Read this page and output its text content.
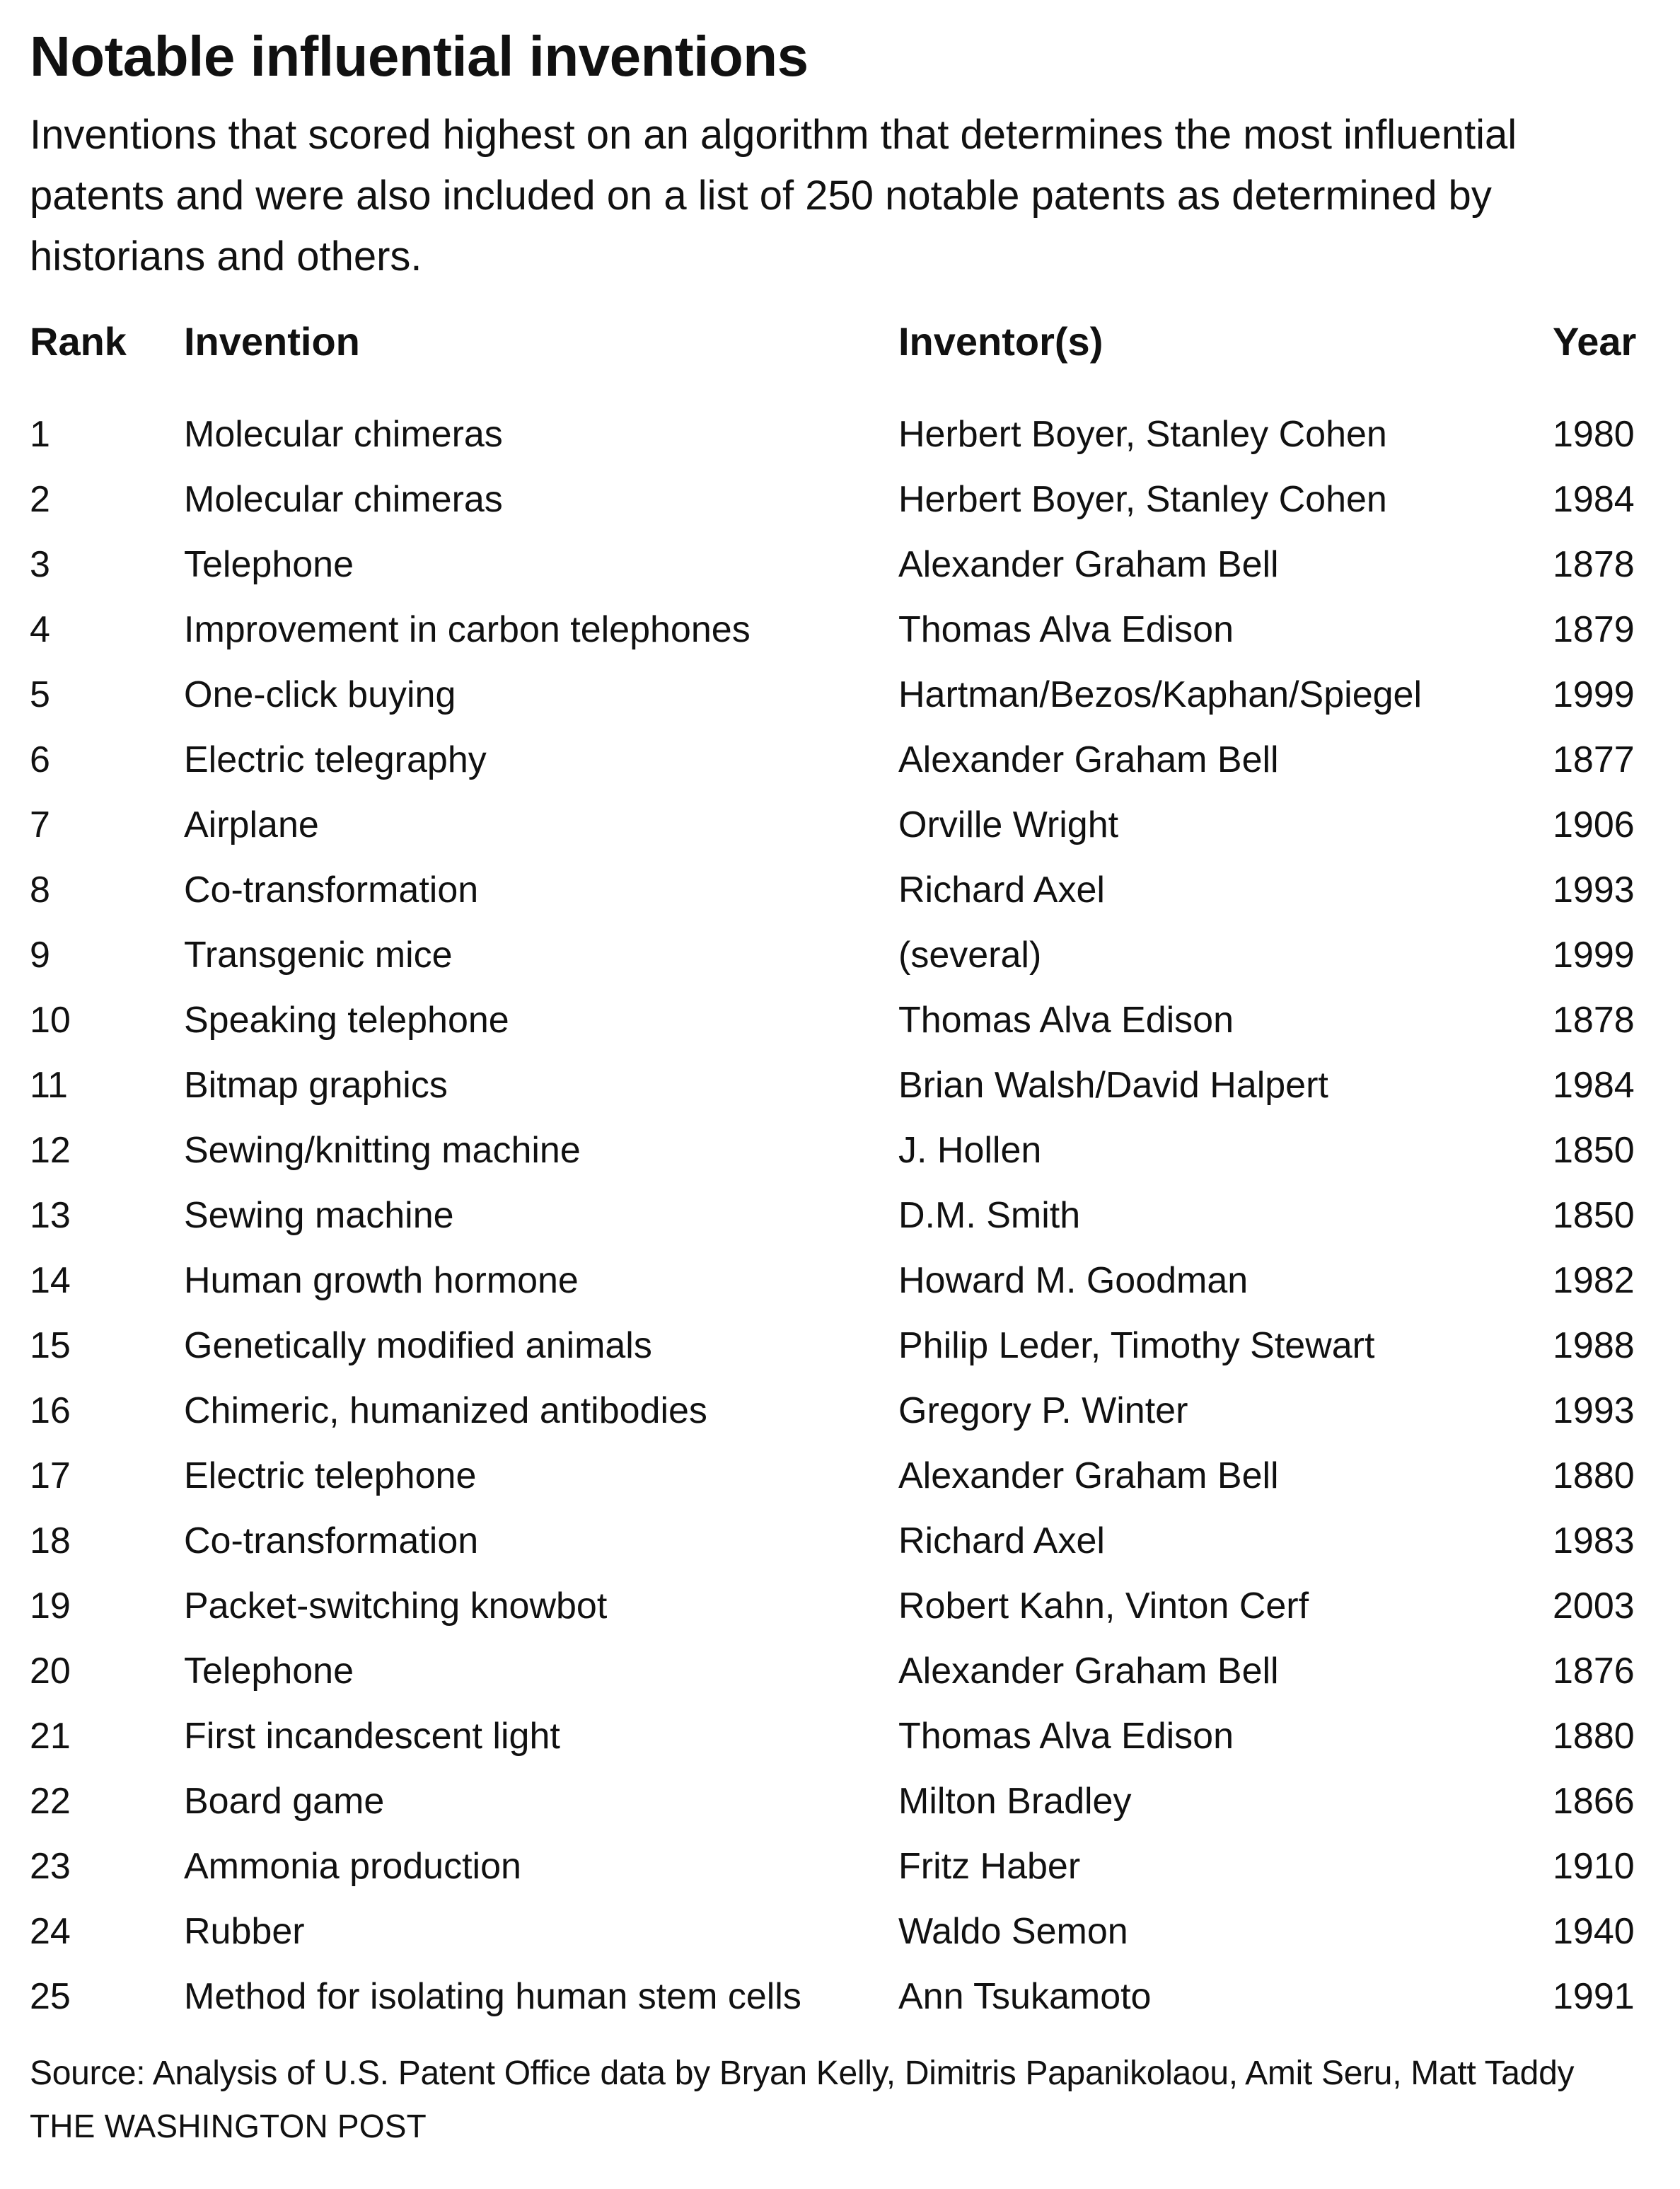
Notable influential inventions

Inventions that scored highest on an algorithm that determines the most influential patents and were also included on a list of 250 notable patents as determined by historians and others.

Rank	Invention	Inventor(s)	Year
1	Molecular chimeras	Herbert Boyer, Stanley Cohen	1980
2	Molecular chimeras	Herbert Boyer, Stanley Cohen	1984
3	Telephone	Alexander Graham Bell	1878
4	Improvement in carbon telephones	Thomas Alva Edison	1879
5	One-click buying	Hartman/Bezos/Kaphan/Spiegel	1999
6	Electric telegraphy	Alexander Graham Bell	1877
7	Airplane	Orville Wright	1906
8	Co-transformation	Richard Axel	1993
9	Transgenic mice	(several)	1999
10	Speaking telephone	Thomas Alva Edison	1878
11	Bitmap graphics	Brian Walsh/David Halpert	1984
12	Sewing/knitting machine	J. Hollen	1850
13	Sewing machine	D.M. Smith	1850
14	Human growth hormone	Howard M. Goodman	1982
15	Genetically modified animals	Philip Leder, Timothy Stewart	1988
16	Chimeric, humanized antibodies	Gregory P. Winter	1993
17	Electric telephone	Alexander Graham Bell	1880
18	Co-transformation	Richard Axel	1983
19	Packet-switching knowbot	Robert Kahn, Vinton Cerf	2003
20	Telephone	Alexander Graham Bell	1876
21	First incandescent light	Thomas Alva Edison	1880
22	Board game	Milton Bradley	1866
23	Ammonia production	Fritz Haber	1910
24	Rubber	Waldo Semon	1940
25	Method for isolating human stem cells	Ann Tsukamoto	1991

Source: Analysis of U.S. Patent Office data by Bryan Kelly, Dimitris Papanikolaou, Amit Seru, Matt Taddy

THE WASHINGTON POST
